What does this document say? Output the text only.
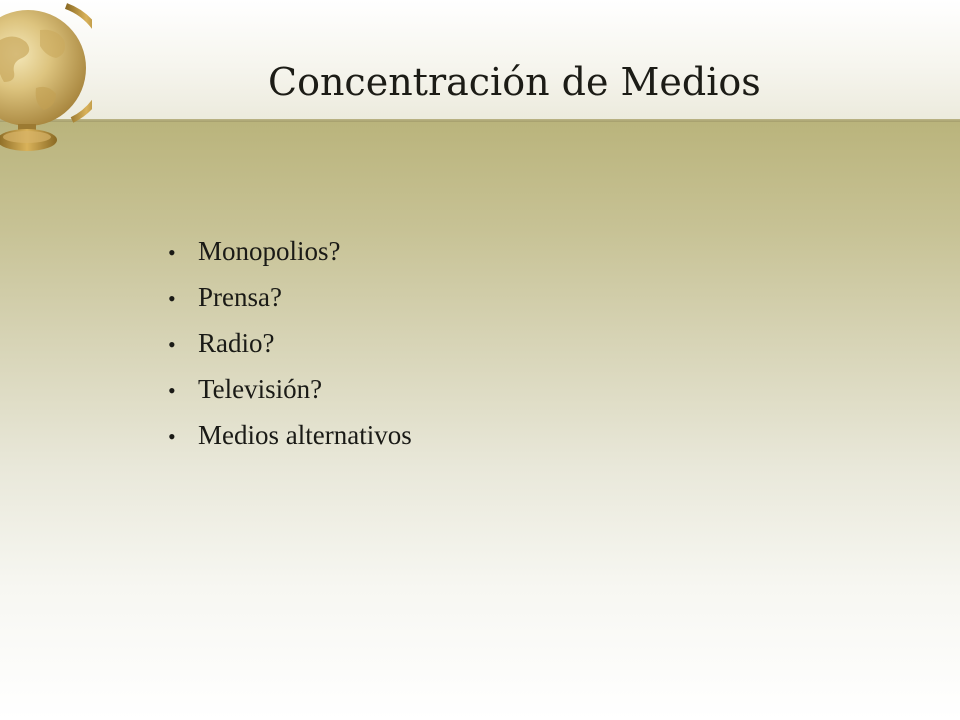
Concentración de Medios
• Monopolios?
• Prensa?
• Radio?
• Televisión?
• Medios alternativos
